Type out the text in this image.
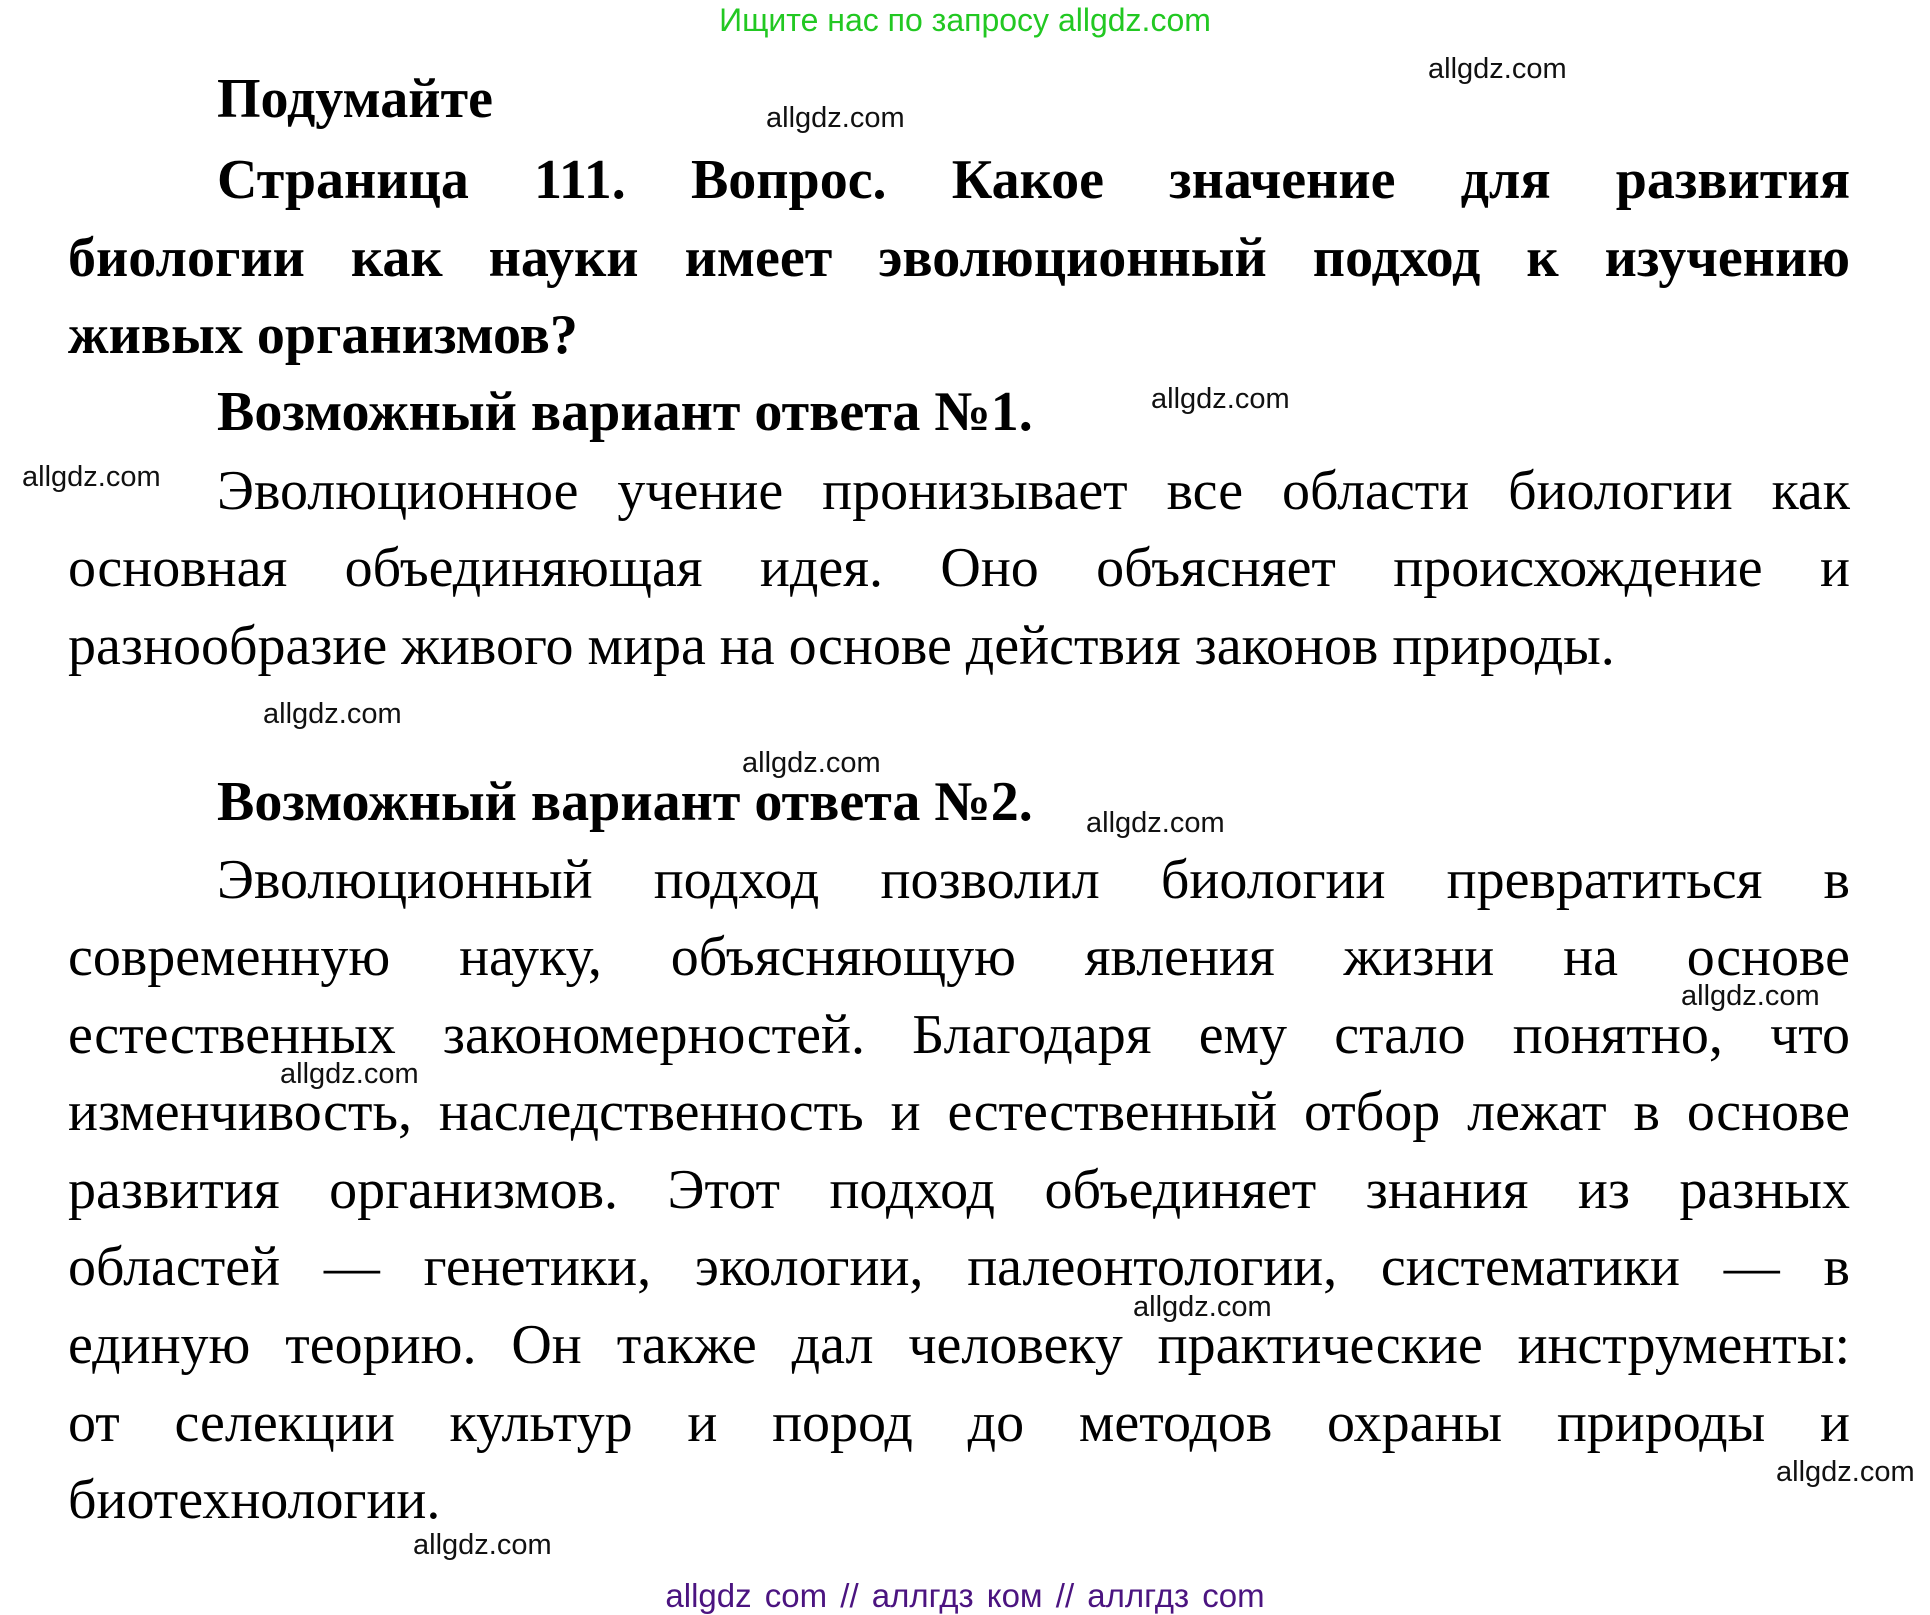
Ищите нас по запросу allgdz.com
Подумайте
Страница 111. Вопрос. Какое значение для развития
биологии как науки имеет эволюционный подход к изучению
живых организмов?
Возможный вариант ответа №1.
Эволюционное учение пронизывает все области биологии как
основная объединяющая идея. Оно объясняет происхождение и
разнообразие живого мира на основе действия законов природы.
Возможный вариант ответа №2.
Эволюционный подход позволил биологии превратиться в
современную науку, объясняющую явления жизни на основе
естественных закономерностей. Благодаря ему стало понятно, что
изменчивость, наследственность и естественный отбор лежат в основе
развития организмов. Этот подход объединяет знания из разных
областей — генетики, экологии, палеонтологии, систематики — в
единую теорию. Он также дал человеку практические инструменты:
от селекции культур и пород до методов охраны природы и
биотехнологии.
allgdz.com
allgdz.com
allgdz.com
allgdz.com
allgdz.com
allgdz.com
allgdz.com
allgdz.com
allgdz.com
allgdz.com
allgdz.com
allgdz.com
allgdz com // аллгдз ком // аллгдз com
